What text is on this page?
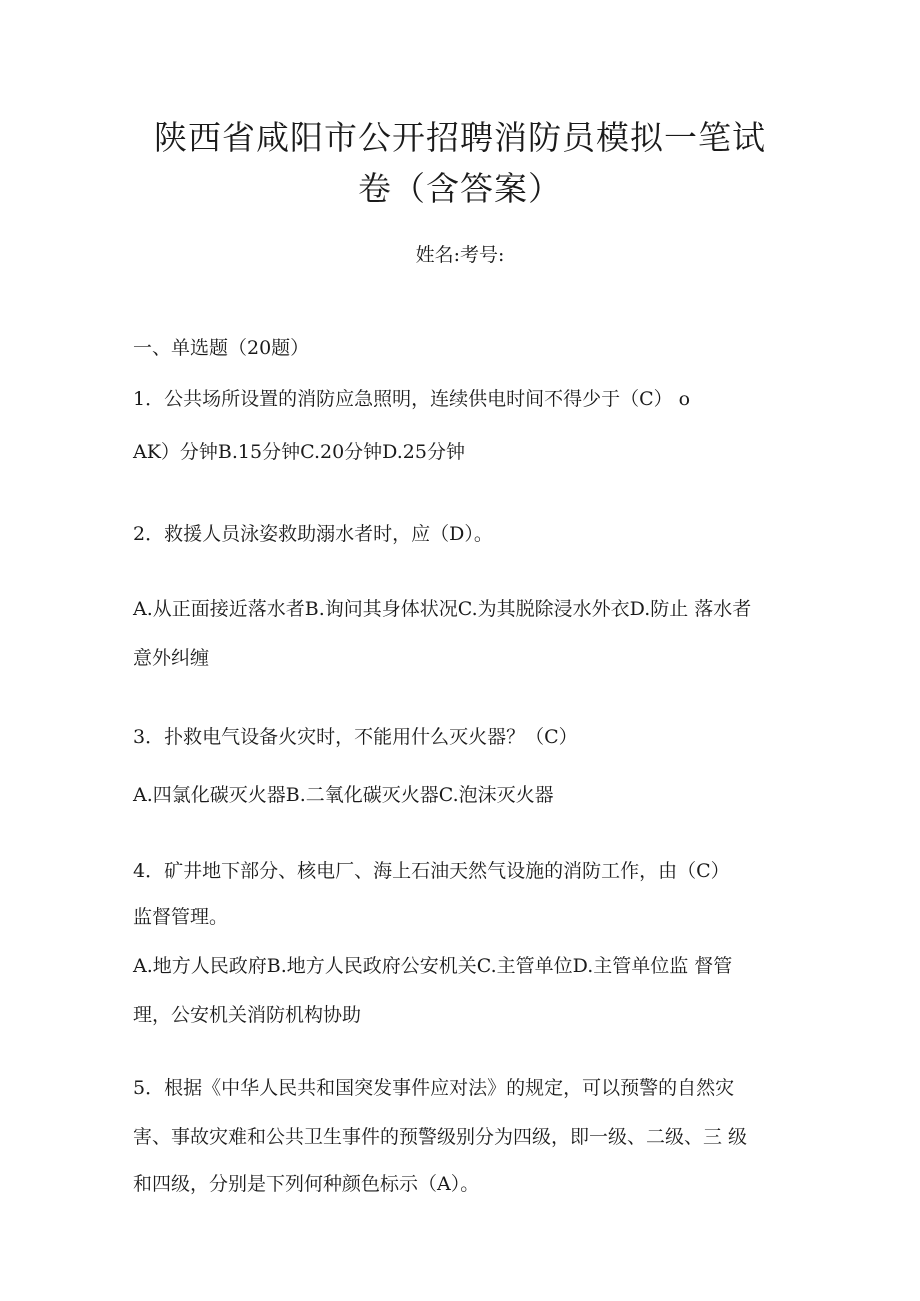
陕西省咸阳市公开招聘消防员模拟一笔试
卷（含答案）
姓名:考号:
一、单选题（20题）
1．公共场所设置的消防应急照明，连续供电时间不得少于（C） o
AK）分钟B.15分钟C.20分钟D.25分钟
2．救援人员泳姿救助溺水者时，应（D）。
A.从正面接近落水者B.询问其身体状况C.为其脱除浸水外衣D.防止 落水者
意外纠缠
3．扑救电气设备火灾时，不能用什么灭火器？（C）
A.四氯化碳灭火器B.二氧化碳灭火器C.泡沫灭火器
4．矿井地下部分、核电厂、海上石油天然气设施的消防工作，由（C）
监督管理。
A.地方人民政府B.地方人民政府公安机关C.主管单位D.主管单位监 督管
理，公安机关消防机构协助
5．根据《中华人民共和国突发事件应对法》的规定，可以预警的自然灾
害、事故灾难和公共卫生事件的预警级别分为四级，即一级、二级、三 级
和四级，分别是下列何种颜色标示（A）。
